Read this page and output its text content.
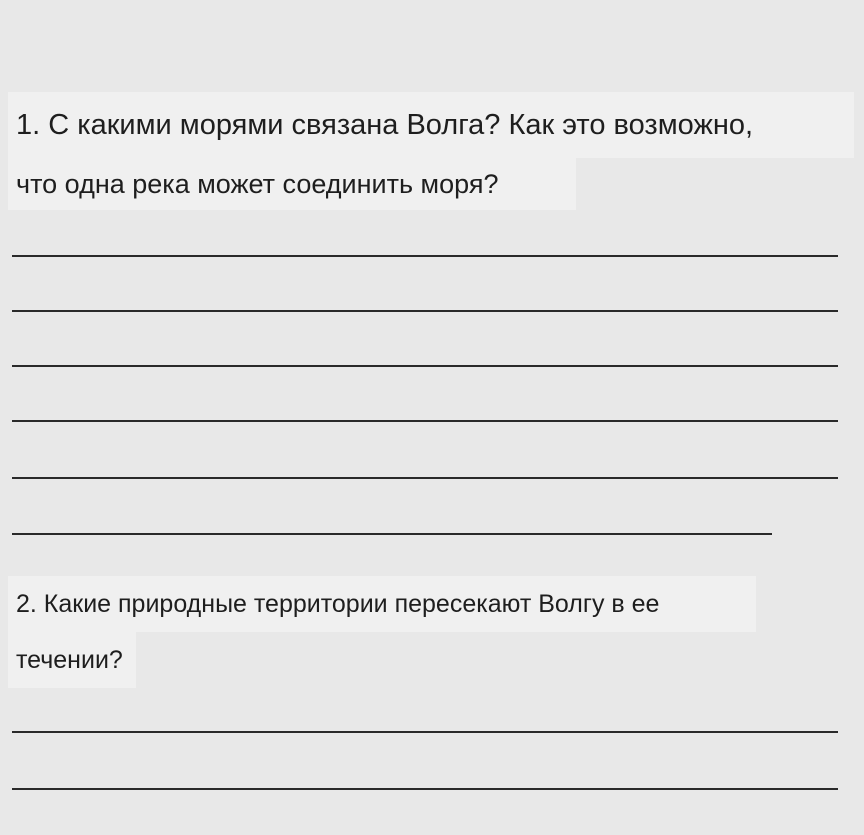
1. С какими морями связана Волга? Как это возможно,
что одна река может соединить моря?
2. Какие природные территории пересекают Волгу в ее
течении?
